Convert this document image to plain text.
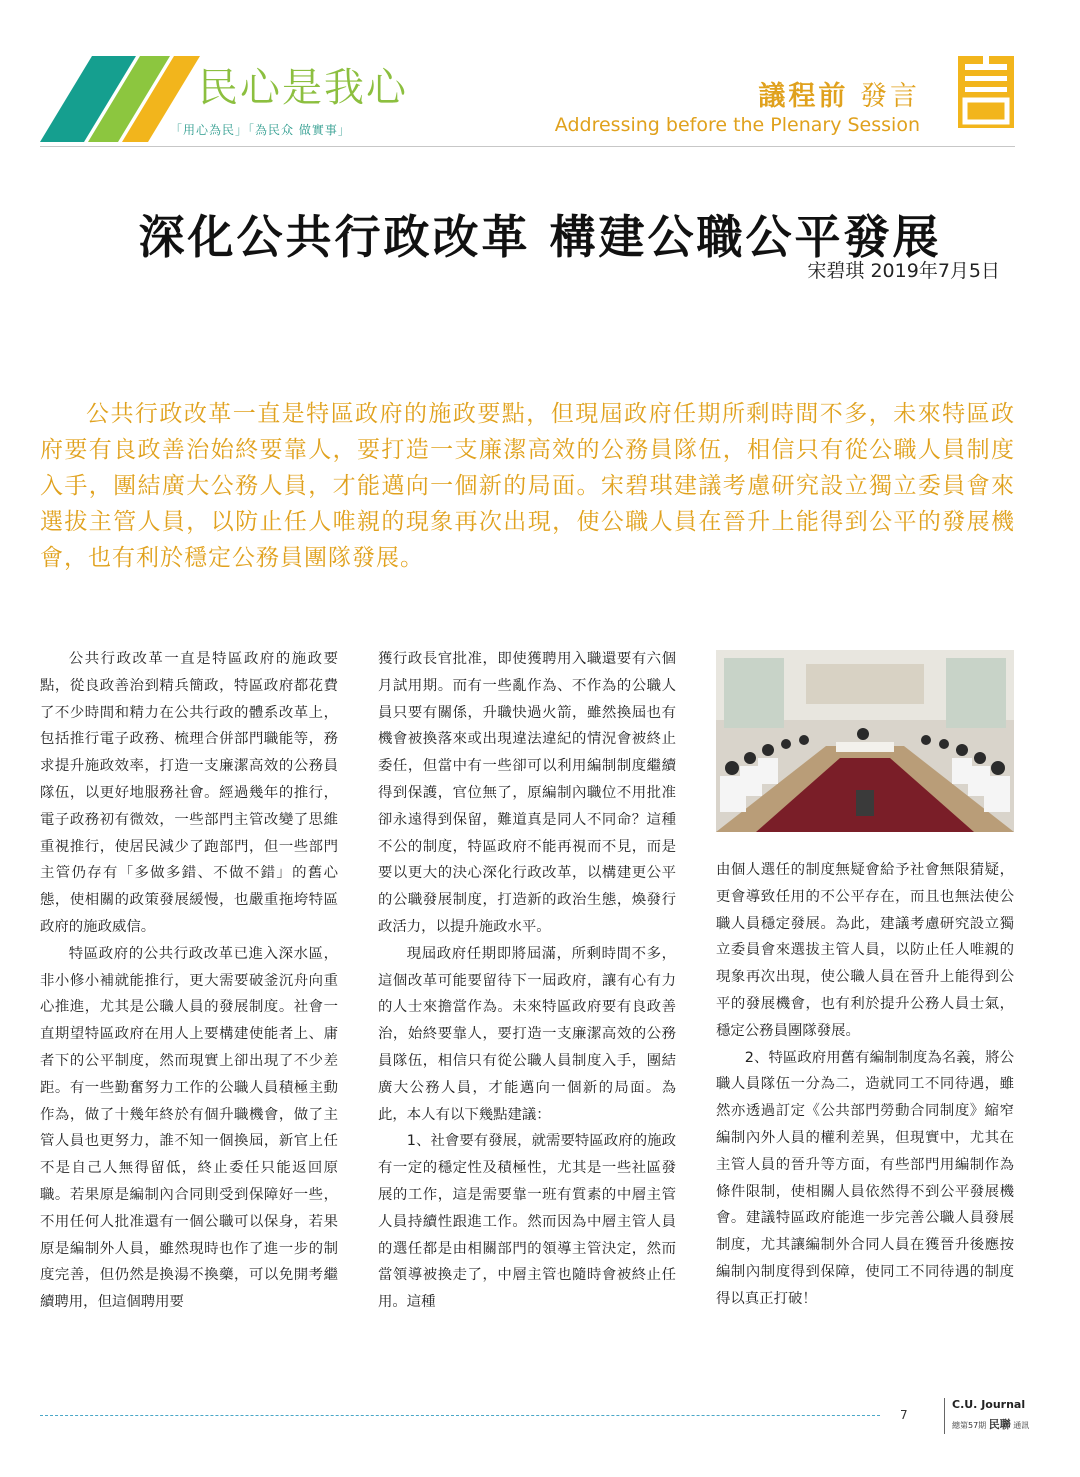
民心是我心
「用心為民」「為民众 做實事」
議程前 發言
Addressing before the Plenary Session
深化公共行政改革 構建公職公平發展
宋碧琪 2019年7月5日

公共行政改革一直是特區政府的施政要點，但現屆政府任期所剩時間不多，未來特區政府要有良政善治始終要靠人，要打造一支廉潔高效的公務員隊伍，相信只有從公職人員制度入手，團結廣大公務人員，才能邁向一個新的局面。宋碧琪建議考慮研究設立獨立委員會來選拔主管人員，以防止任人唯親的現象再次出現，使公職人員在晉升上能得到公平的發展機會，也有利於穩定公務員團隊發展。

公共行政改革一直是特區政府的施政要點，從良政善治到精兵簡政，特區政府都花費了不少時間和精力在公共行政的體系改革上，包括推行電子政務、梳理合併部門職能等，務求提升施政效率，打造一支廉潔高效的公務員隊伍，以更好地服務社會。經過幾年的推行，電子政務初有微效，一些部門主管改變了思維重視推行，使居民減少了跑部門，但一些部門主管仍存有「多做多錯、不做不錯」的舊心態，使相關的政策發展緩慢，也嚴重拖垮特區政府的施政威信。

特區政府的公共行政改革已進入深水區，非小修小補就能推行，更大需要破釜沉舟向重心推進，尤其是公職人員的發展制度。社會一直期望特區政府在用人上要構建使能者上、庸者下的公平制度，然而現實上卻出現了不少差距。有一些勤奮努力工作的公職人員積極主動作為，做了十幾年終於有個升職機會，做了主管人員也更努力，誰不知一個換屆，新官上任不是自己人無得留低，終止委任只能返回原職。若果原是編制內合同則受到保障好一些，不用任何人批准還有一個公職可以保身，若果原是編制外人員，雖然現時也作了進一步的制度完善，但仍然是換湯不換藥，可以免開考繼續聘用，但這個聘用要

獲行政長官批准，即使獲聘用入職還要有六個月試用期。而有一些亂作為、不作為的公職人員只要有關係，升職快過火箭，雖然換屆也有機會被換落來或出現違法違紀的情況會被終止委任，但當中有一些卻可以利用編制制度繼續得到保護，官位無了，原編制內職位不用批准卻永遠得到保留，難道真是同人不同命？這種不公的制度，特區政府不能再視而不見，而是要以更大的決心深化行政改革，以構建更公平的公職發展制度，打造新的政治生態，煥發行政活力，以提升施政水平。

現屆政府任期即將屆滿，所剩時間不多，這個改革可能要留待下一屆政府，讓有心有力的人士來擔當作為。未來特區政府要有良政善治，始終要靠人，要打造一支廉潔高效的公務員隊伍，相信只有從公職人員制度入手，團結廣大公務人員，才能邁向一個新的局面。為此，本人有以下幾點建議：

1、社會要有發展，就需要特區政府的施政有一定的穩定性及積極性，尤其是一些社區發展的工作，這是需要靠一班有質素的中層主管人員持續性跟進工作。然而因為中層主管人員的選任都是由相關部門的領導主管決定，然而當領導被換走了，中層主管也隨時會被終止任用。這種

由個人選任的制度無疑會給予社會無限猜疑，更會導致任用的不公平存在，而且也無法使公職人員穩定發展。為此，建議考慮研究設立獨立委員會來選拔主管人員，以防止任人唯親的現象再次出現，使公職人員在晉升上能得到公平的發展機會，也有利於提升公務人員士氣，穩定公務員團隊發展。

2、特區政府用舊有編制制度為名義，將公職人員隊伍一分為二，造就同工不同待遇，雖然亦透過訂定《公共部門勞動合同制度》縮窄編制內外人員的權利差異，但現實中，尤其在主管人員的晉升等方面，有些部門用編制作為條件限制，使相關人員依然得不到公平發展機會。建議特區政府能進一步完善公職人員發展制度，尤其讓編制外合同人員在獲晉升後應按編制內制度得到保障，使同工不同待遇的制度得以真正打破！

7
C.U. Journal
總第57期 民聯 通訊
